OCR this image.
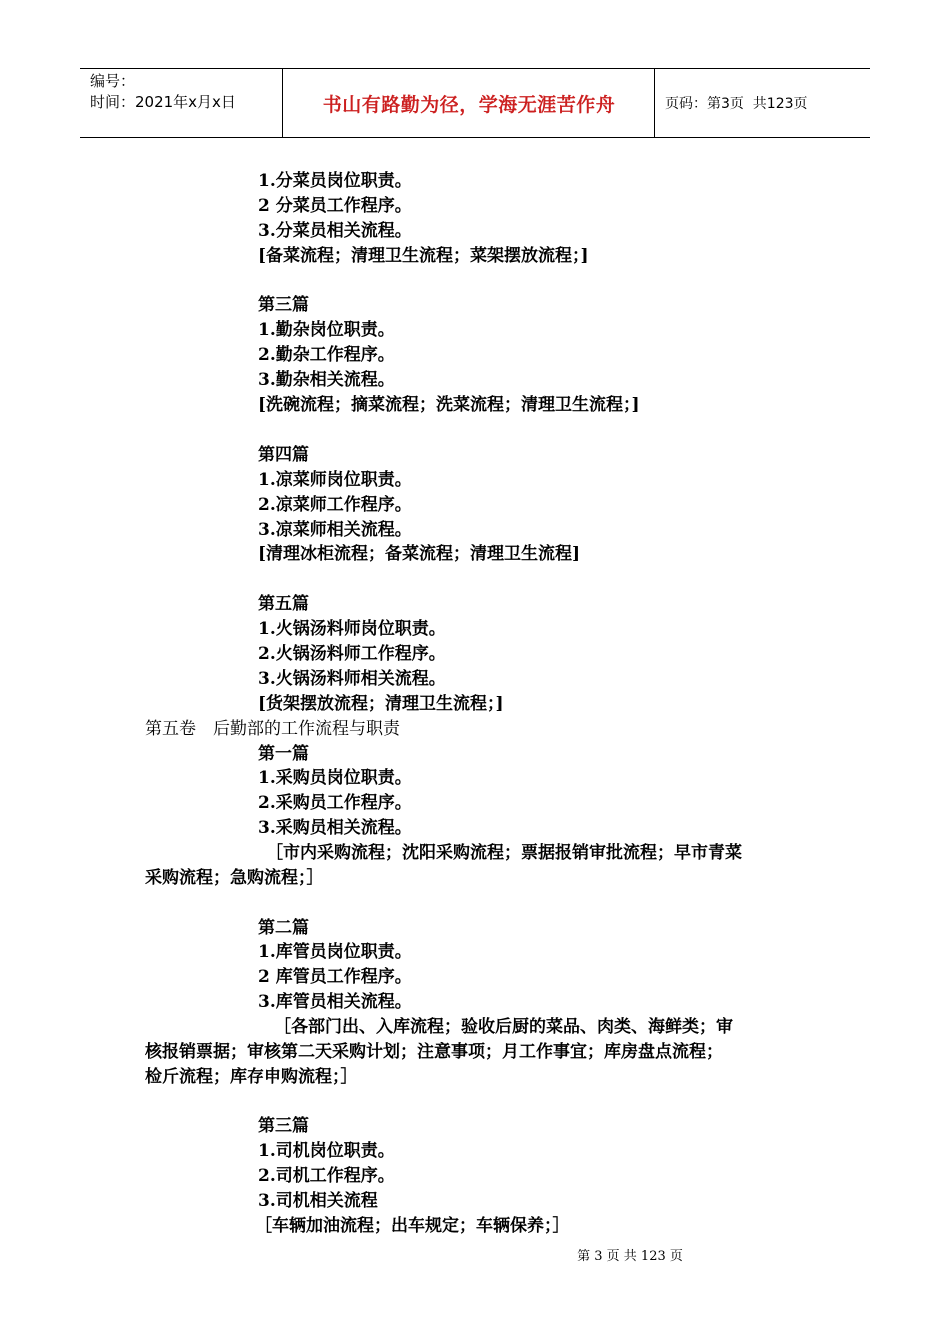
编号：
时间：2021年x月x日	书山有路勤为径，学海无涯苦作舟	页码：第3页  共123页
1.分菜员岗位职责。
2 分菜员工作程序。
3.分菜员相关流程。
[备菜流程；清理卫生流程；菜架摆放流程；]
第三篇
1.勤杂岗位职责。
2.勤杂工作程序。
3.勤杂相关流程。
[洗碗流程；摘菜流程；洗菜流程；清理卫生流程；]
第四篇
1.凉菜师岗位职责。
2.凉菜师工作程序。
3.凉菜师相关流程。
[清理冰柜流程；备菜流程；清理卫生流程]
第五篇
1.火锅汤料师岗位职责。
2.火锅汤料师工作程序。
3.火锅汤料师相关流程。
[货架摆放流程；清理卫生流程；]
第五卷　后勤部的工作流程与职责
第一篇
1.采购员岗位职责。
2.采购员工作程序。
3.采购员相关流程。
［市内采购流程；沈阳采购流程；票据报销审批流程；早市青菜
采购流程；急购流程；］
第二篇
1.库管员岗位职责。
2 库管员工作程序。
3.库管员相关流程。
［各部门出、入库流程；验收后厨的菜品、肉类、海鲜类；审
核报销票据；审核第二天采购计划；注意事项；月工作事宜；库房盘点流程；
检斤流程；库存申购流程；］
第三篇
1.司机岗位职责。
2.司机工作程序。
3.司机相关流程
［车辆加油流程；出车规定；车辆保养；］
第 3 页 共 123 页
